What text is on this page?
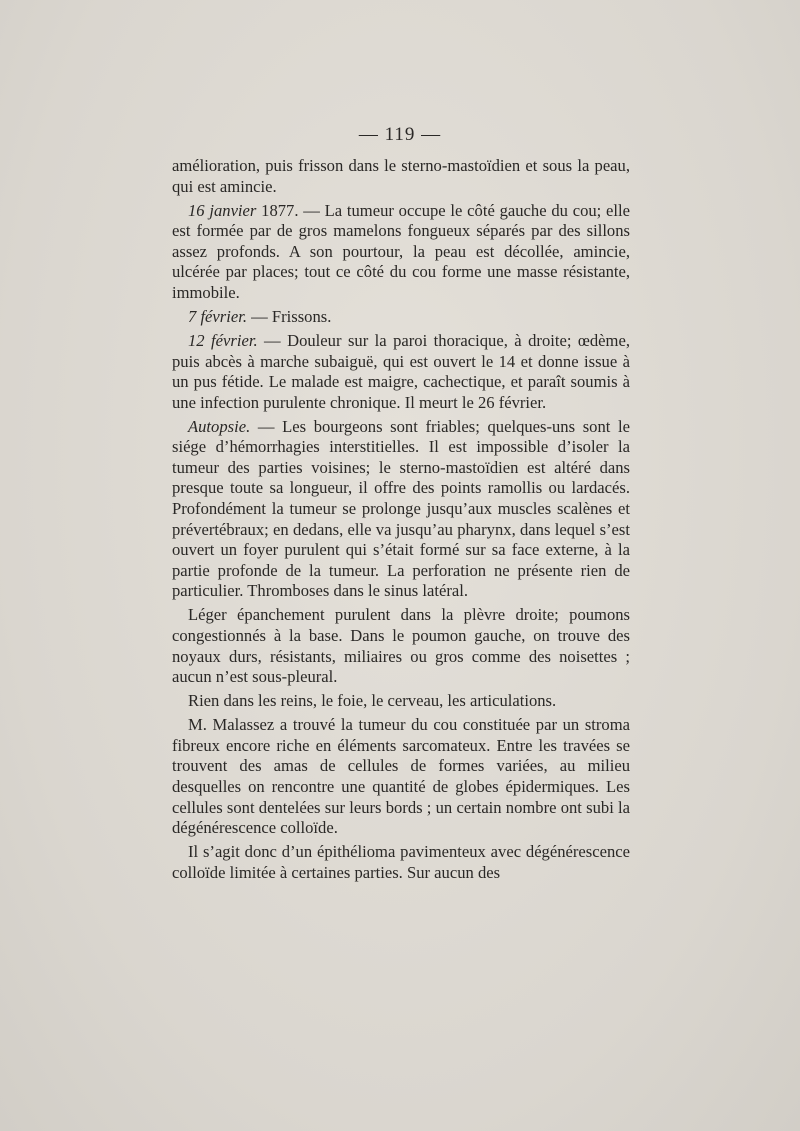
— 119 —

amélioration, puis frisson dans le sterno-mastoïdien et sous la peau, qui est amincie.

16 janvier 1877. — La tumeur occupe le côté gauche du cou; elle est formée par de gros mamelons fongueux séparés par des sillons assez profonds. A son pourtour, la peau est décollée, amincie, ulcérée par places; tout ce côté du cou forme une masse résistante, immobile.

7 février. — Frissons.

12 février. — Douleur sur la paroi thoracique, à droite; œdème, puis abcès à marche subaiguë, qui est ouvert le 14 et donne issue à un pus fétide. Le malade est maigre, cachectique, et paraît soumis à une infection purulente chronique. Il meurt le 26 février.

Autopsie. — Les bourgeons sont friables; quelques-uns sont le siége d’hémorrhagies interstitielles. Il est impossible d’isoler la tumeur des parties voisines; le sterno-mastoïdien est altéré dans presque toute sa longueur, il offre des points ramollis ou lardacés. Profondément la tumeur se prolonge jusqu’aux muscles scalènes et prévertébraux; en dedans, elle va jusqu’au pharynx, dans lequel s’est ouvert un foyer purulent qui s’était formé sur sa face externe, à la partie profonde de la tumeur. La perforation ne présente rien de particulier. Thromboses dans le sinus latéral.

Léger épanchement purulent dans la plèvre droite; poumons congestionnés à la base. Dans le poumon gauche, on trouve des noyaux durs, résistants, miliaires ou gros comme des noisettes ; aucun n’est sous-pleural.

Rien dans les reins, le foie, le cerveau, les articulations.

M. Malassez a trouvé la tumeur du cou constituée par un stroma fibreux encore riche en éléments sarcomateux. Entre les travées se trouvent des amas de cellules de formes variées, au milieu desquelles on rencontre une quantité de globes épidermiques. Les cellules sont dentelées sur leurs bords ; un certain nombre ont subi la dégénérescence colloïde.

Il s’agit donc d’un épithélioma pavimenteux avec dégénérescence colloïde limitée à certaines parties. Sur aucun des
